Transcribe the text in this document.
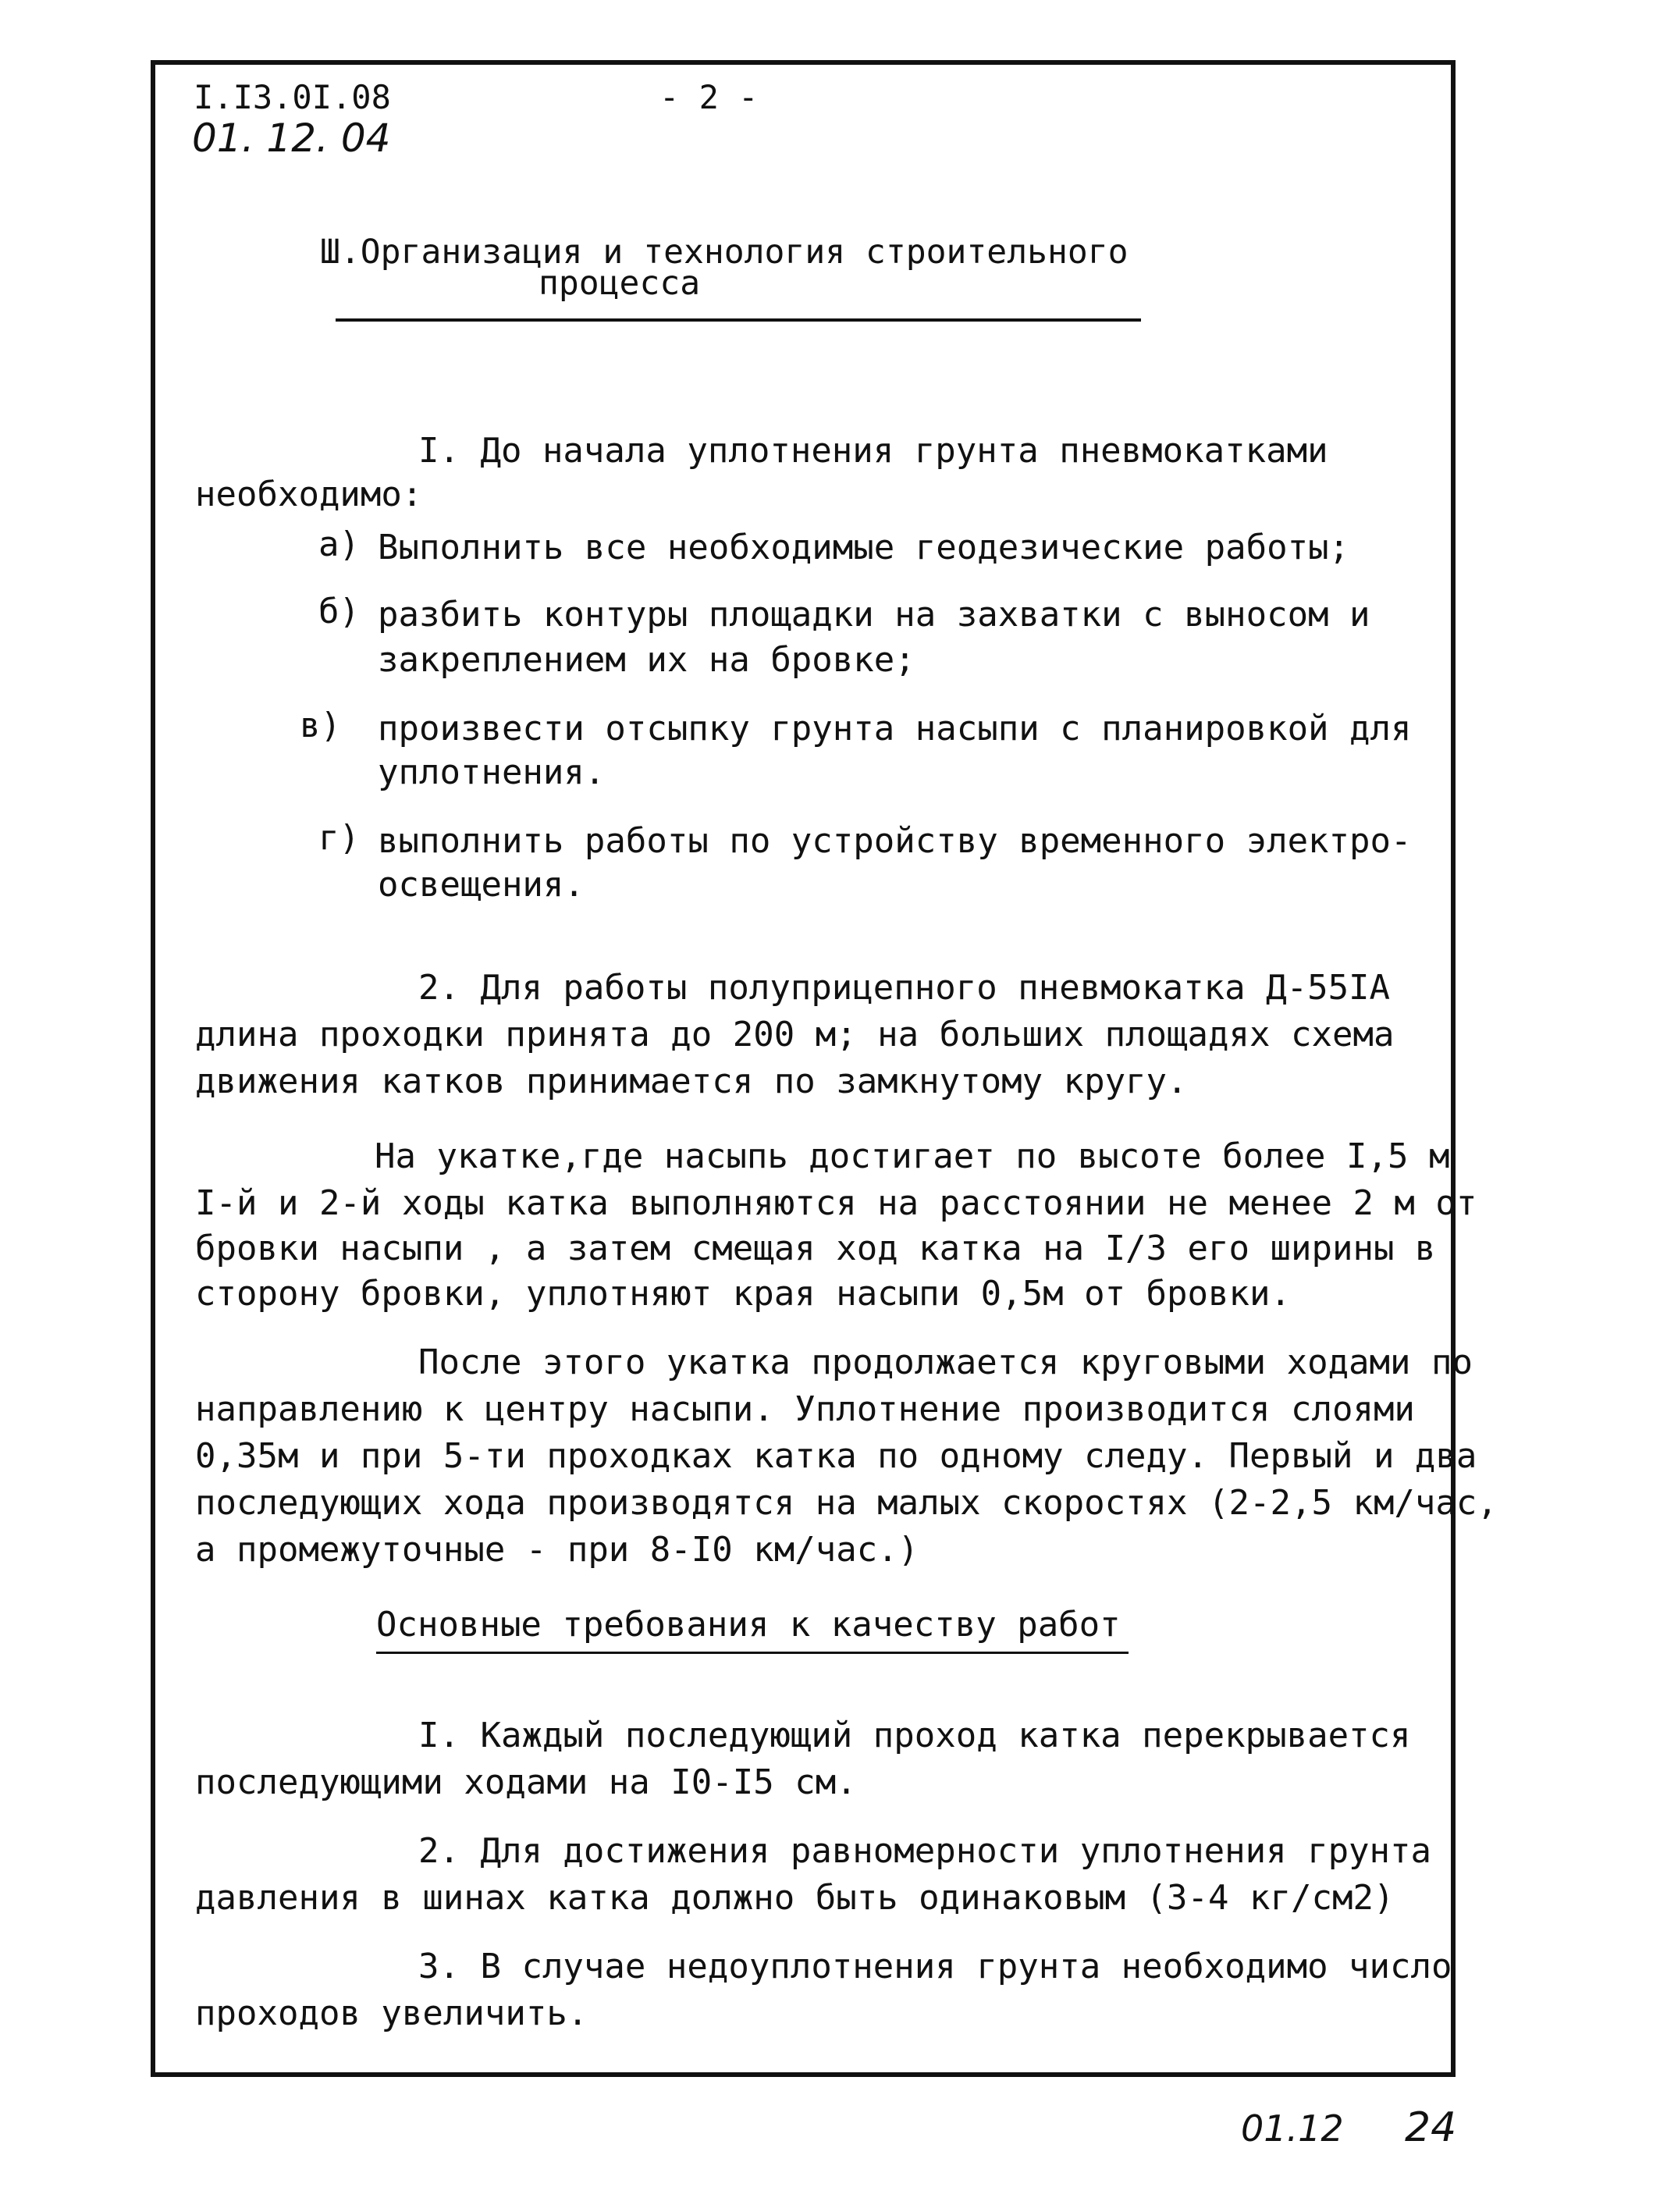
I.I3.0I.08
01. 12. 04
- 2 -
Ш.Организация и технология строительного
процесса
I. До начала уплотнения грунта пневмокатками
необходимо:
а) Выполнить все необходимые геодезические работы;
б) разбить контуры площадки на захватки с выносом и
закреплением их на бровке;
в) произвести отсыпку грунта насыпи с планировкой для
уплотнения.
г) выполнить работы по устройству временного электро-
освещения.
2. Для работы полуприцепного пневмокатка Д-55IА
длина проходки принята до 200 м; на больших площадях схема
движения катков принимается по замкнутому кругу.
На укатке,где насыпь достигает по высоте более I,5 м
I-й и 2-й ходы катка выполняются на расстоянии не менее 2 м от
бровки насыпи , а затем смещая ход катка на I/3 его ширины в
сторону бровки, уплотняют края насыпи 0,5м от бровки.
После этого укатка продолжается круговыми ходами по
направлению к центру насыпи. Уплотнение производится слоями
0,35м и при 5-ти проходках катка по одному следу. Первый и два
последующих хода производятся на малых скоростях (2-2,5 км/час,
а промежуточные - при 8-I0 км/час.)
Основные требования к качеству работ
I. Каждый последующий проход катка перекрывается
последующими ходами на I0-I5 см.
2. Для достижения равномерности уплотнения грунта
давления в шинах катка должно быть одинаковым (3-4 кг/см2)
3. В случае недоуплотнения грунта необходимо число
проходов увеличить.
01.12 24
